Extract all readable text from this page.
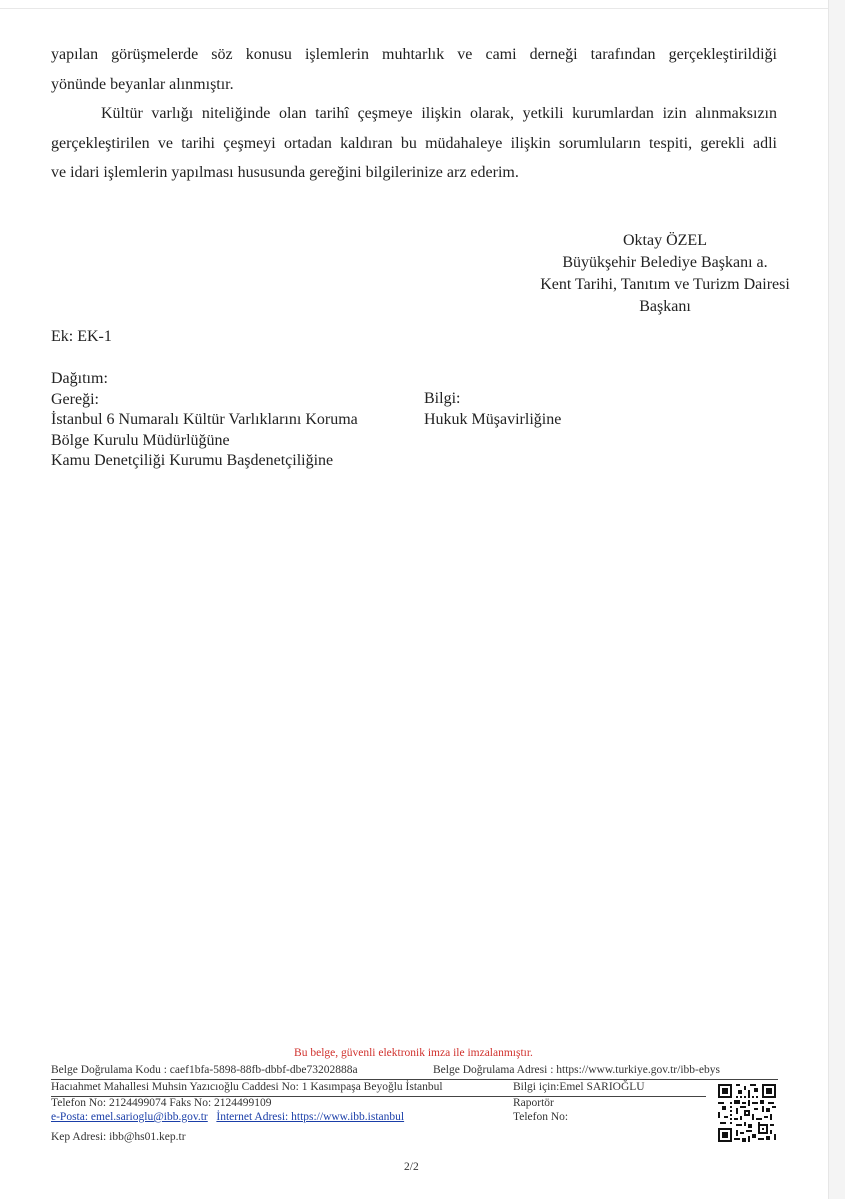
yapılan görüşmelerde söz konusu işlemlerin muhtarlık ve cami derneği tarafından gerçekleştirildiği
yönünde beyanlar alınmıştır.
Kültür varlığı niteliğinde olan tarihî çeşmeye ilişkin olarak, yetkili kurumlardan izin alınmaksızın
gerçekleştirilen ve tarihi çeşmeyi ortadan kaldıran bu müdahaleye ilişkin sorumluların tespiti, gerekli adli
ve idari işlemlerin yapılması hususunda gereğini bilgilerinize arz ederim.
Oktay ÖZEL
Büyükşehir Belediye Başkanı a.
Kent Tarihi, Tanıtım ve Turizm Dairesi
Başkanı
Ek: EK-1
Dağıtım:
Gereği:
İstanbul 6 Numaralı Kültür Varlıklarını Koruma
Bölge Kurulu Müdürlüğüne
Kamu Denetçiliği Kurumu Başdenetçiliğine
Bilgi:
Hukuk Müşavirliğine
Bu belge, güvenli elektronik imza ile imzalanmıştır.
Belge Doğrulama Kodu : caef1bfa-5898-88fb-dbbf-dbe73202888a	Belge Doğrulama Adresi : https://www.turkiye.gov.tr/ibb-ebys
Hacıahmet Mahallesi Muhsin Yazıcıoğlu Caddesi No: 1 Kasımpaşa Beyoğlu İstanbul	Bilgi için:Emel SARIOĞLU
Telefon No: 2124499074 Faks No: 2124499109	Raportör
e-Posta: emel.sarioglu@ibb.gov.tr İnternet Adresi: https://www.ibb.istanbul	Telefon No:
Kep Adresi: ibb@hs01.kep.tr
2/2
